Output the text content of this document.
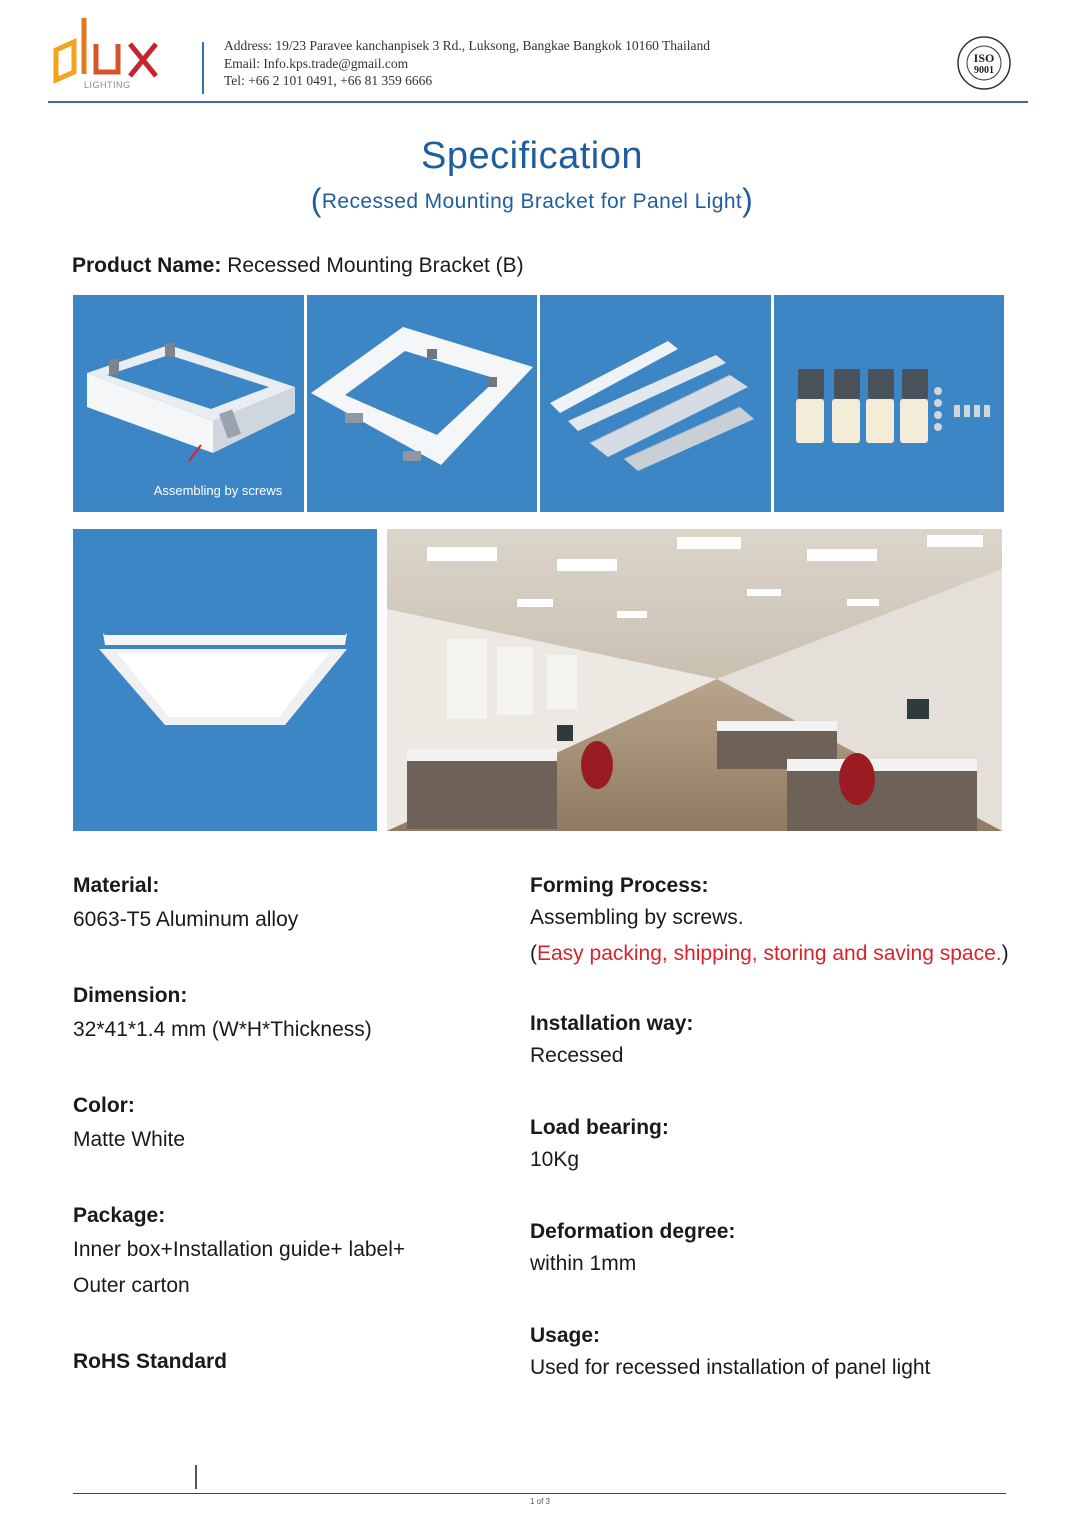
LIGHTING
Address: 19/23 Paravee kanchanpisek 3 Rd., Luksong, Bangkae Bangkok 10160 Thailand
Email: Info.kps.trade@gmail.com
Tel: +66 2 101 0491, +66 81 359 6666
ISO
9001
Specification
(Recessed Mounting Bracket for Panel Light)
Product Name: Recessed Mounting Bracket (B)
Assembling by screws
Material:
6063-T5 Aluminum alloy
Dimension:
32*41*1.4 mm (W*H*Thickness)
Color:
Matte White
Package:
Inner box+Installation guide+ label+
Outer carton
RoHS Standard
Forming Process:
Assembling by screws.
(Easy packing, shipping, storing and saving space.)
Installation way:
Recessed
Load bearing:
10Kg
Deformation degree:
within 1mm
Usage:
Used for recessed installation of panel light
1 of 3
